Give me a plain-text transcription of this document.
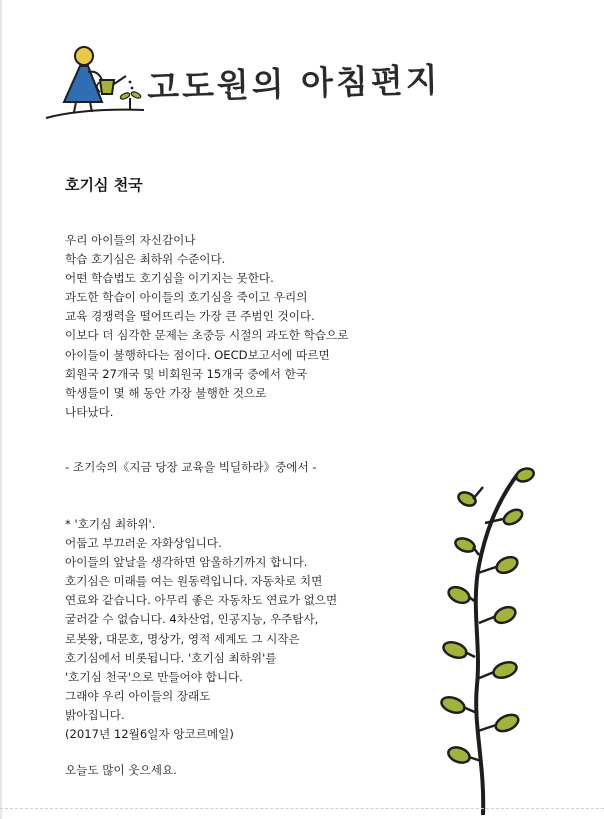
고도원의 아침편지
호기심 천국
우리 아이들의 자신감이나
학습 호기심은 최하위 수준이다.
어떤 학습법도 호기심을 이기지는 못한다.
과도한 학습이 아이들의 호기심을 죽이고 우리의
교육 경쟁력을 떨어뜨리는 가장 큰 주범인 것이다.
이보다 더 심각한 문제는 초중등 시절의 과도한 학습으로
아이들이 불행하다는 점이다. OECD보고서에 따르면
회원국 27개국 및 비회원국 15개국 중에서 한국
학생들이 몇 해 동안 가장 불행한 것으로
나타났다.
- 조기숙의《지금 당장 교육을 빅딜하라》중에서 -
* '호기심 최하위'.
어둡고 부끄러운 자화상입니다.
아이들의 앞날을 생각하면 암울하기까지 합니다.
호기심은 미래를 여는 원동력입니다. 자동차로 치면
연료와 같습니다. 아무리 좋은 자동차도 연료가 없으면
굴러갈 수 없습니다. 4차산업, 인공지능, 우주탐사,
로봇왕, 대문호, 명상가, 영적 세계도 그 시작은
호기심에서 비롯됩니다. '호기심 최하위'를
'호기심 천국'으로 만들어야 합니다.
그래야 우리 아이들의 장래도
밝아집니다.
(2017년 12월6일자 앙코르메일)
오늘도 많이 웃으세요.
